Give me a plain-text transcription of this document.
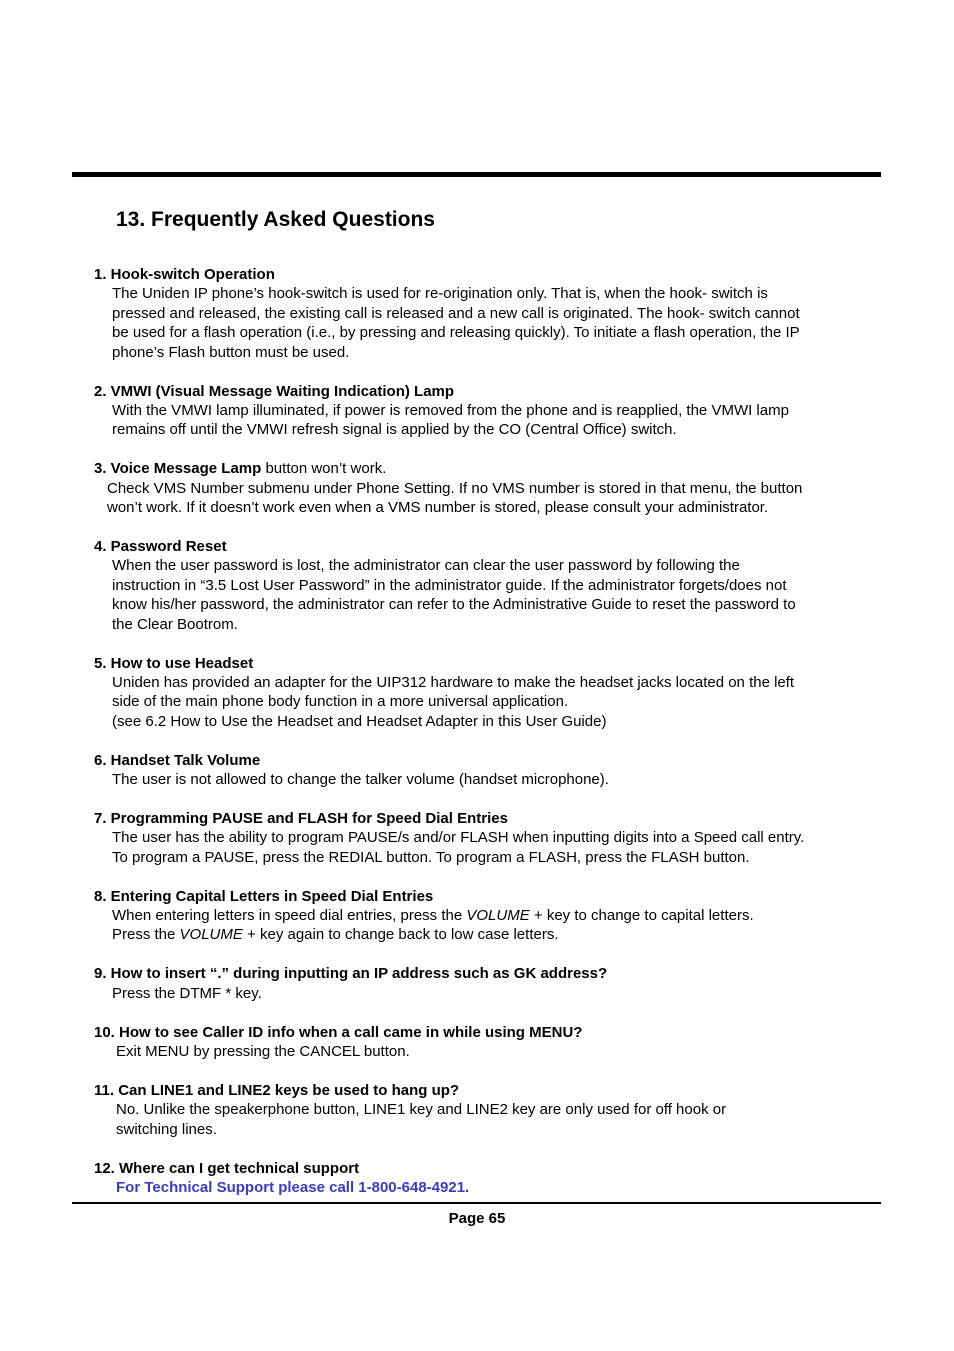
13. Frequently Asked Questions
1. Hook-switch Operation
The Uniden IP phone’s hook-switch is used for re-origination only. That is, when the hook- switch is
pressed and released, the existing call is released and a new call is originated. The hook- switch cannot
be used for a flash operation (i.e., by pressing and releasing quickly). To initiate a flash operation, the IP
phone’s Flash button must be used.
2. VMWI (Visual Message Waiting Indication) Lamp
With the VMWI lamp illuminated, if power is removed from the phone and is reapplied, the VMWI lamp
remains off until the VMWI refresh signal is applied by the CO (Central Office) switch.
3. Voice Message Lamp button won’t work.
Check VMS Number submenu under Phone Setting. If no VMS number is stored in that menu, the button
won’t work. If it doesn’t work even when a VMS number is stored, please consult your administrator.
4. Password Reset
When the user password is lost, the administrator can clear the user password by following the
instruction in “3.5 Lost User Password” in the administrator guide. If the administrator forgets/does not
know his/her password, the administrator can refer to the Administrative Guide to reset the password to
the Clear Bootrom.
5. How to use Headset
Uniden has provided an adapter for the UIP312 hardware to make the headset jacks located on the left
side of the main phone body function in a more universal application.
(see 6.2 How to Use the Headset and Headset Adapter in this User Guide)
6. Handset Talk Volume
The user is not allowed to change the talker volume (handset microphone).
7. Programming PAUSE and FLASH for Speed Dial Entries
The user has the ability to program PAUSE/s and/or FLASH when inputting digits into a Speed call entry.
To program a PAUSE, press the REDIAL button. To program a FLASH, press the FLASH button.
8. Entering Capital Letters in Speed Dial Entries
When entering letters in speed dial entries, press the VOLUME + key to change to capital letters.
Press the VOLUME + key again to change back to low case letters.
9. How to insert “.” during inputting an IP address such as GK address?
Press the DTMF * key.
10. How to see Caller ID info when a call came in while using MENU?
Exit MENU by pressing the CANCEL button.
11. Can LINE1 and LINE2 keys be used to hang up?
No. Unlike the speakerphone button, LINE1 key and LINE2 key are only used for off hook or
switching lines.
12. Where can I get technical support
For Technical Support please call 1-800-648-4921.
Page 65
